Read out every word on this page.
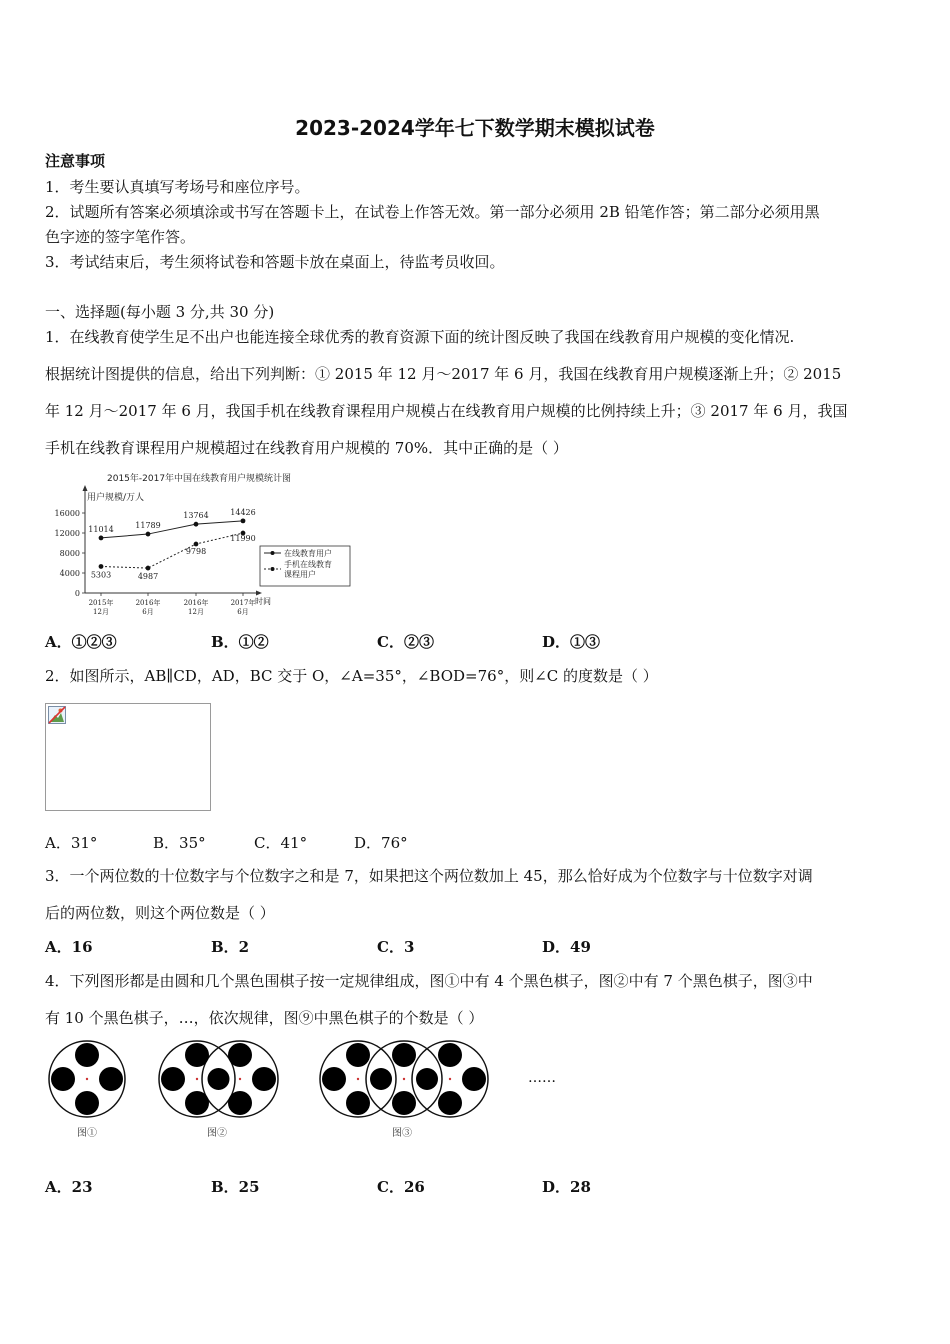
2023-2024学年七下数学期末模拟试卷
注意事项
1．考生要认真填写考场号和座位序号。
2．试题所有答案必须填涂或书写在答题卡上，在试卷上作答无效。第一部分必须用 2B 铅笔作答；第二部分必须用黑
色字迹的签字笔作答。
3．考试结束后，考生须将试卷和答题卡放在桌面上，待监考员收回。
一、选择题(每小题 3 分,共 30 分)
1．在线教育使学生足不出户也能连接全球优秀的教育资源下面的统计图反映了我国在线教育用户规模的变化情况.
根据统计图提供的信息，给出下列判断：① 2015 年 12 月～2017 年 6 月，我国在线教育用户规模逐渐上升；② 2015
年 12 月～2017 年 6 月，我国手机在线教育课程用户规模占在线教育用户规模的比例持续上升；③ 2017 年 6 月，我国
手机在线教育课程用户规模超过在线教育用户规模的 70%．其中正确的是（ ）
2015年-2017年中国在线教育用户规模统计图
用户规模/万人
时间
0
4000
8000
12000
16000
2015年 12月
2016年 6月
2016年 12月
2017年 6月
11014	11789
13764	14426
5303	4987
9798
11990
在线教育用户
手机在线教育课程用户
A．①②③	B．①②	C．②③	D．①③
2．如图所示，AB∥CD，AD，BC 交于 O，∠A=35°，∠BOD=76°，则∠C 的度数是（ ）
A．31°	B．35°	C．41°	D．76°
3．一个两位数的十位数字与个位数字之和是 7，如果把这个两位数加上 45，那么恰好成为个位数字与十位数字对调
后的两位数，则这个两位数是（ ）
A．16	B．2	C．3	D．49
4．下列图形都是由圆和几个黑色围棋子按一定规律组成，图①中有 4 个黑色棋子，图②中有 7 个黑色棋子，图③中
有 10 个黑色棋子，…，依次规律，图⑨中黑色棋子的个数是（ ）
图①	图②	图③
……
A．23	B．25	C．26	D．28
